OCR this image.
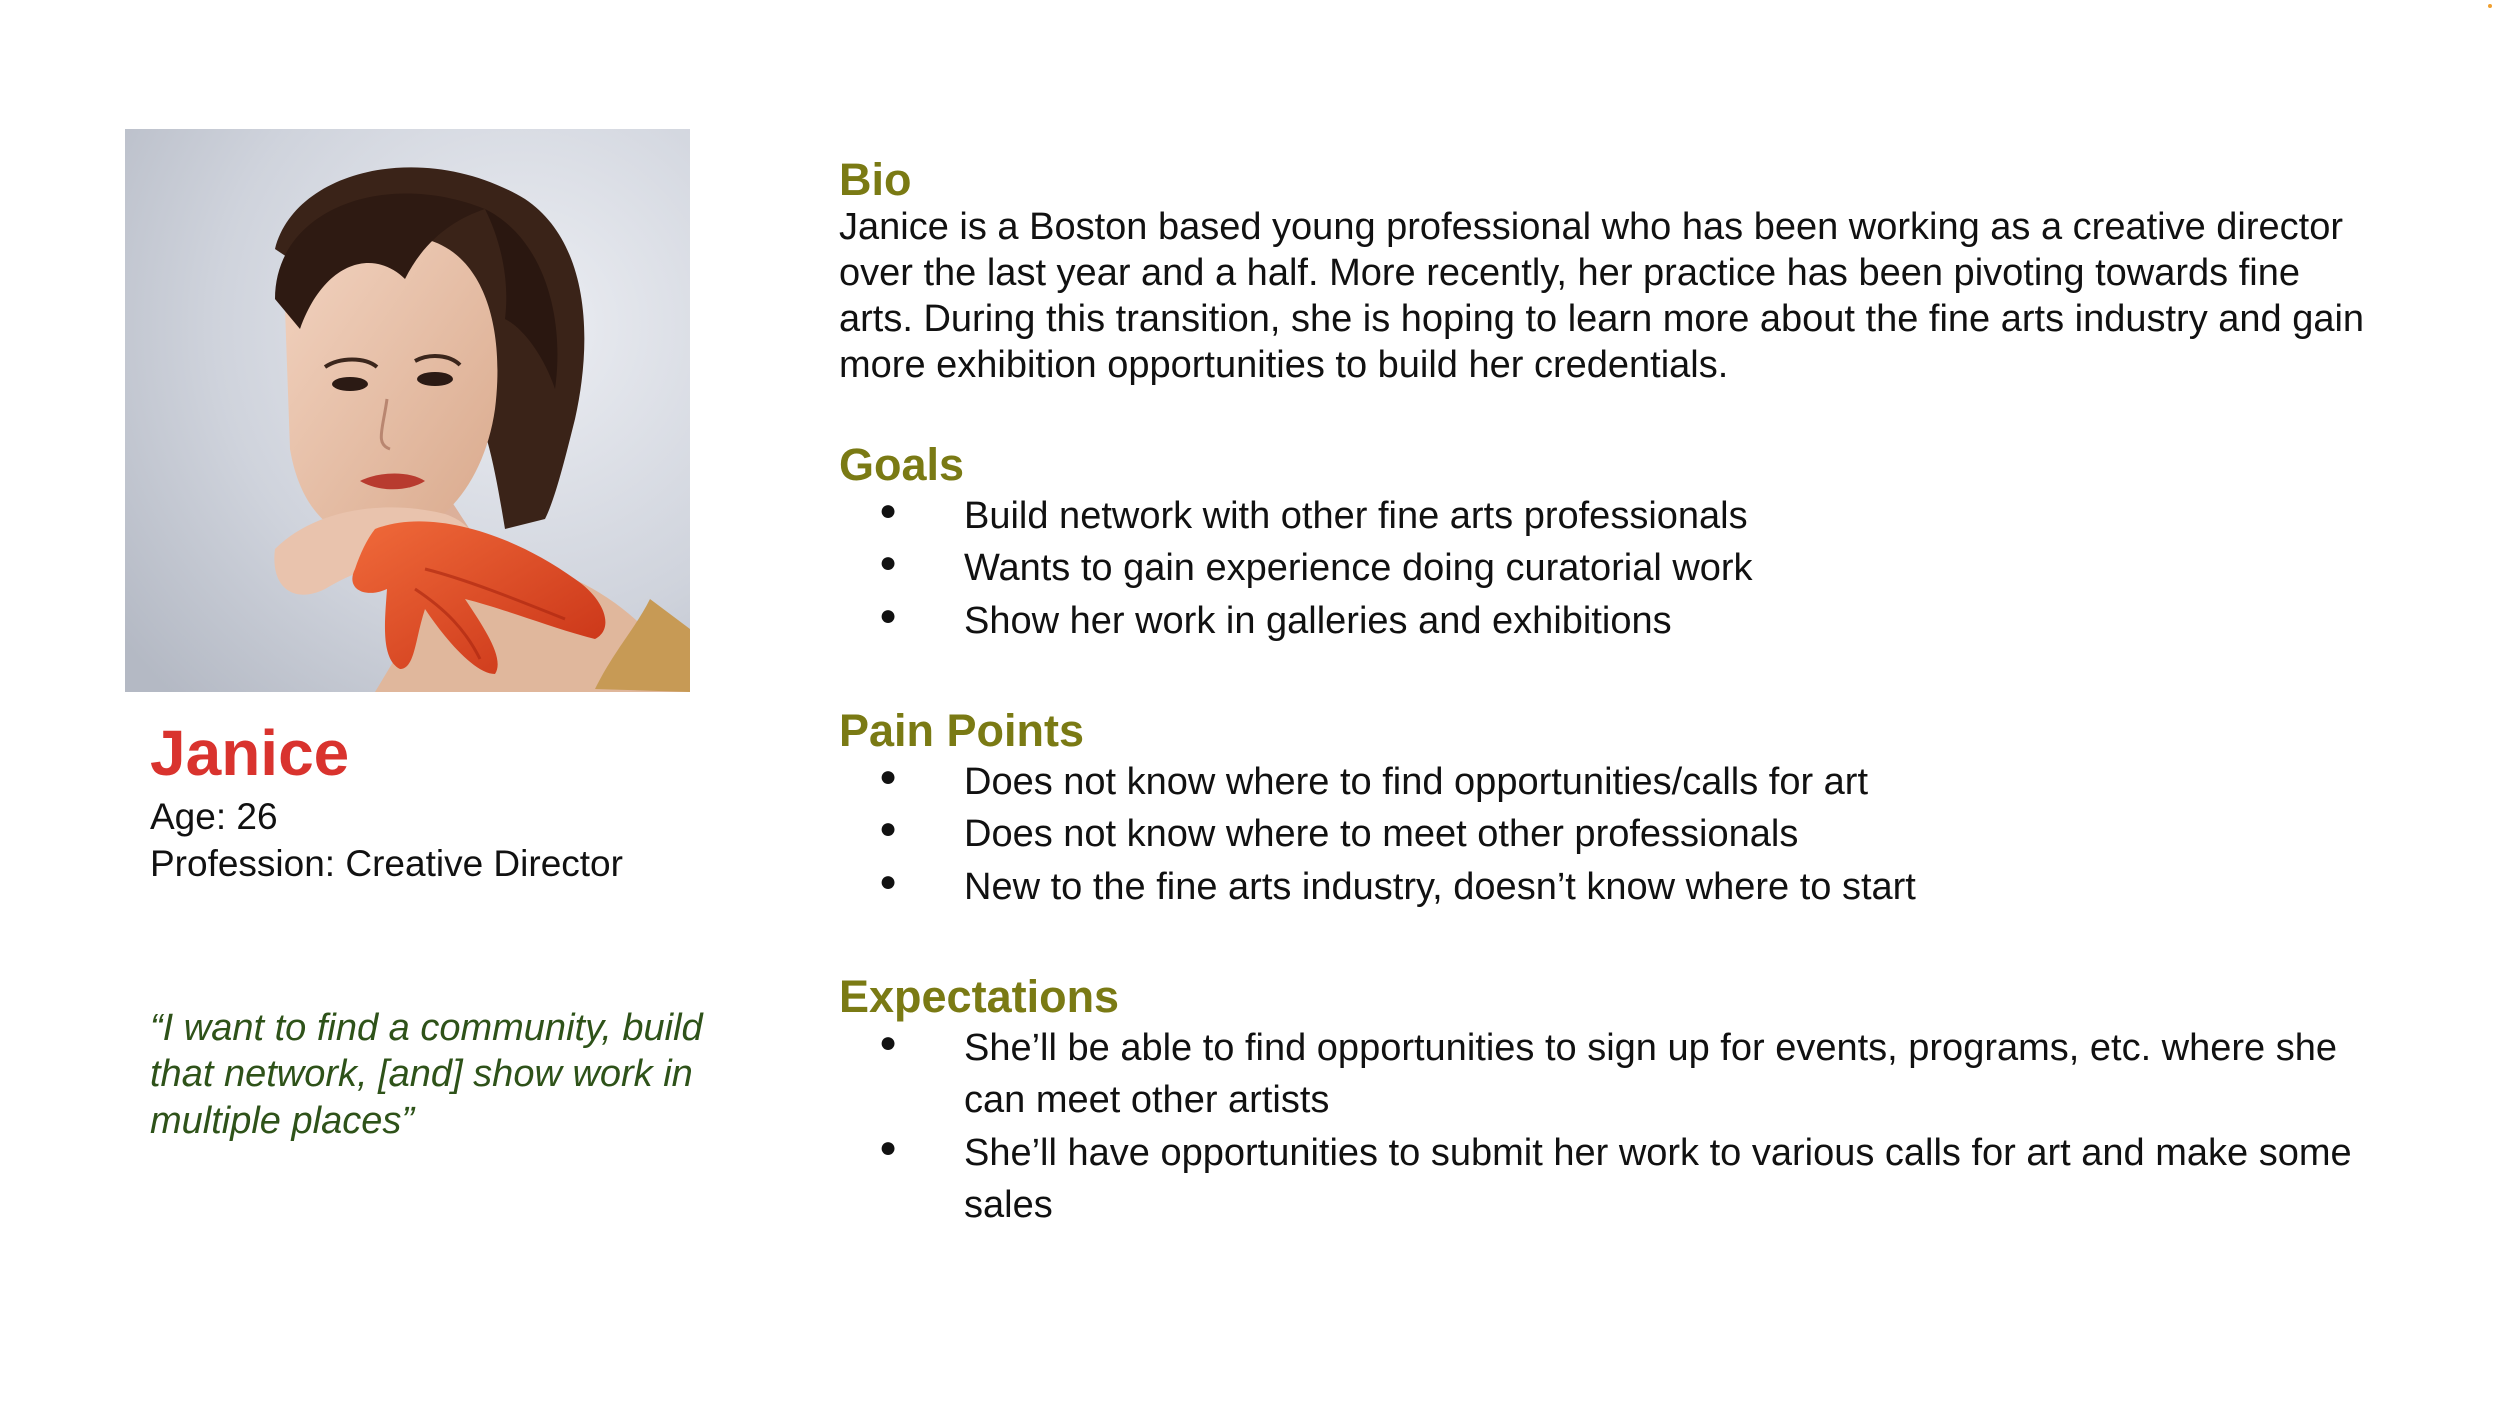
Janice
Age: 26
Profession: Creative Director
“I want to find a community, build that network, [and] show work in multiple places”
Bio
Janice is a Boston based young professional who has been working as a creative director over the last year and a half. More recently, her practice has been pivoting towards fine arts. During this transition, she is hoping to learn more about the fine arts industry and gain more exhibition opportunities to build her credentials.
Goals
● Build network with other fine arts professionals
● Wants to gain experience doing curatorial work
● Show her work in galleries and exhibitions
Pain Points
● Does not know where to find opportunities/calls for art
● Does not know where to meet other professionals
● New to the fine arts industry, doesn’t know where to start
Expectations
● She’ll be able to find opportunities to sign up for events, programs, etc. where she can meet other artists
● She’ll have opportunities to submit her work to various calls for art and make some sales
